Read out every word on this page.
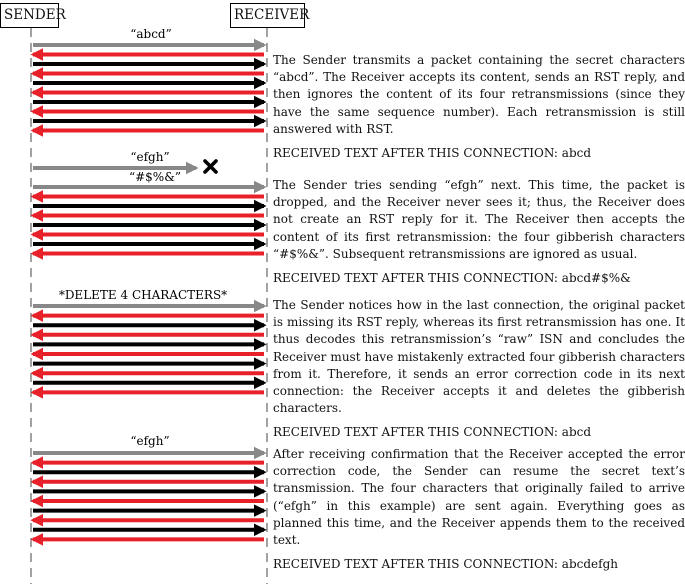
“abcd”
“efgh”
“#$%&”
*DELETE 4 CHARACTERS*
“efgh”
SENDER	RECEIVER

The Sender transmits a packet containing the secret characters “abcd”. The Receiver accepts its content, sends an RST reply, and then ignores the content of its four retransmissions (since they have the same sequence number). Each retransmission is still answered with RST.
RECEIVED TEXT AFTER THIS CONNECTION: abcd

The Sender tries sending “efgh” next. This time, the packet is dropped, and the Receiver never sees it; thus, the Receiver does not create an RST reply for it. The Receiver then accepts the content of its first retransmission: the four gibberish characters “#$%&”. Subsequent retransmissions are ignored as usual.
RECEIVED TEXT AFTER THIS CONNECTION: abcd#$%&

The Sender notices how in the last connection, the original packet is missing its RST reply, whereas its first retransmission has one. It thus decodes this retransmission’s “raw” ISN and concludes the Receiver must have mistakenly extracted four gibberish characters from it. Therefore, it sends an error correction code in its next connection: the Receiver accepts it and deletes the gibberish characters.
RECEIVED TEXT AFTER THIS CONNECTION: abcd

After receiving confirmation that the Receiver accepted the error correction code, the Sender can resume the secret text’s transmission. The four characters that originally failed to arrive (“efgh” in this example) are sent again. Everything goes as planned this time, and the Receiver appends them to the received text.
RECEIVED TEXT AFTER THIS CONNECTION: abcdefgh
